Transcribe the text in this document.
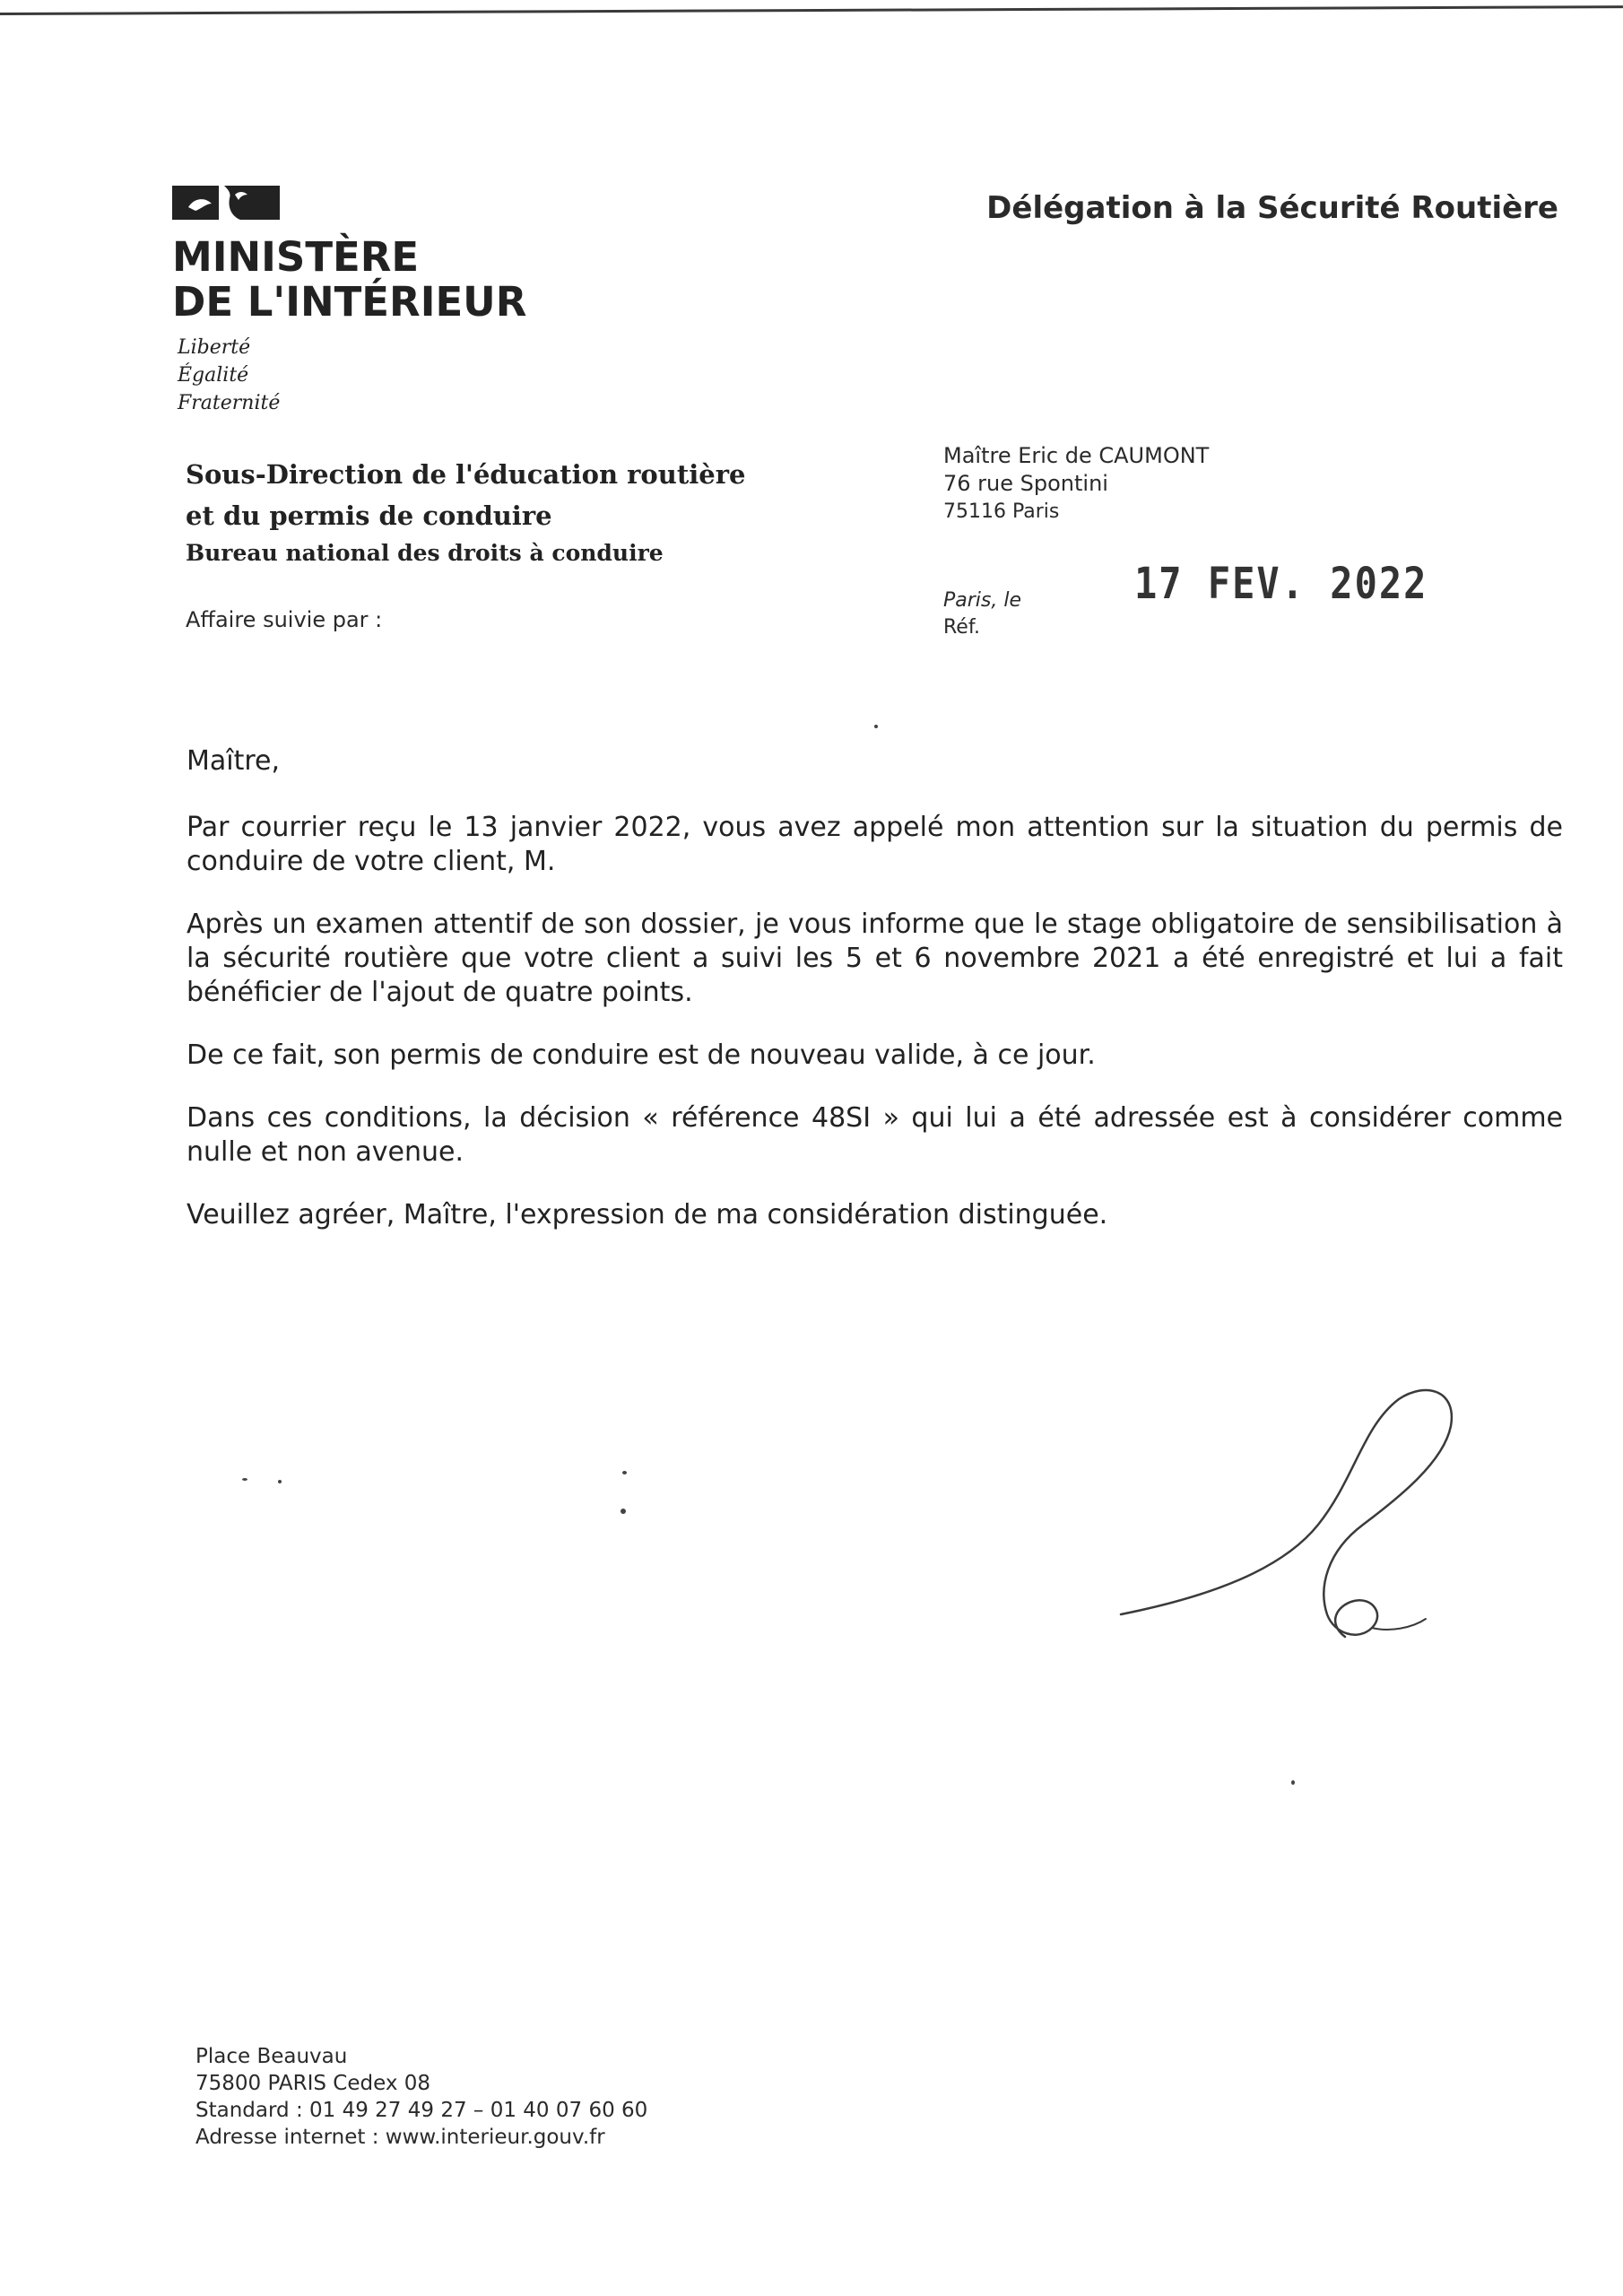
MINISTÈRE
DE L'INTÉRIEUR
Liberté
Égalité
Fraternité
Délégation à la Sécurité Routière
Sous-Direction de l'éducation routière
et du permis de conduire
Bureau national des droits à conduire
Affaire suivie par :
Maître Eric de CAUMONT
76 rue Spontini
75116 Paris
Paris, le
Réf.
17 FEV. 2022

Maître,

Par courrier reçu le 13 janvier 2022, vous avez appelé mon attention sur la situation du permis de conduire de votre client, M.

Après un examen attentif de son dossier, je vous informe que le stage obligatoire de sensibilisation à la sécurité routière que votre client a suivi les 5 et 6 novembre 2021 a été enregistré et lui a fait bénéficier de l'ajout de quatre points.

De ce fait, son permis de conduire est de nouveau valide, à ce jour.

Dans ces conditions, la décision « référence 48SI » qui lui a été adressée est à considérer comme nulle et non avenue.

Veuillez agréer, Maître, l'expression de ma considération distinguée.

Place Beauvau
75800 PARIS Cedex 08
Standard : 01 49 27 49 27 – 01 40 07 60 60
Adresse internet : www.interieur.gouv.fr
